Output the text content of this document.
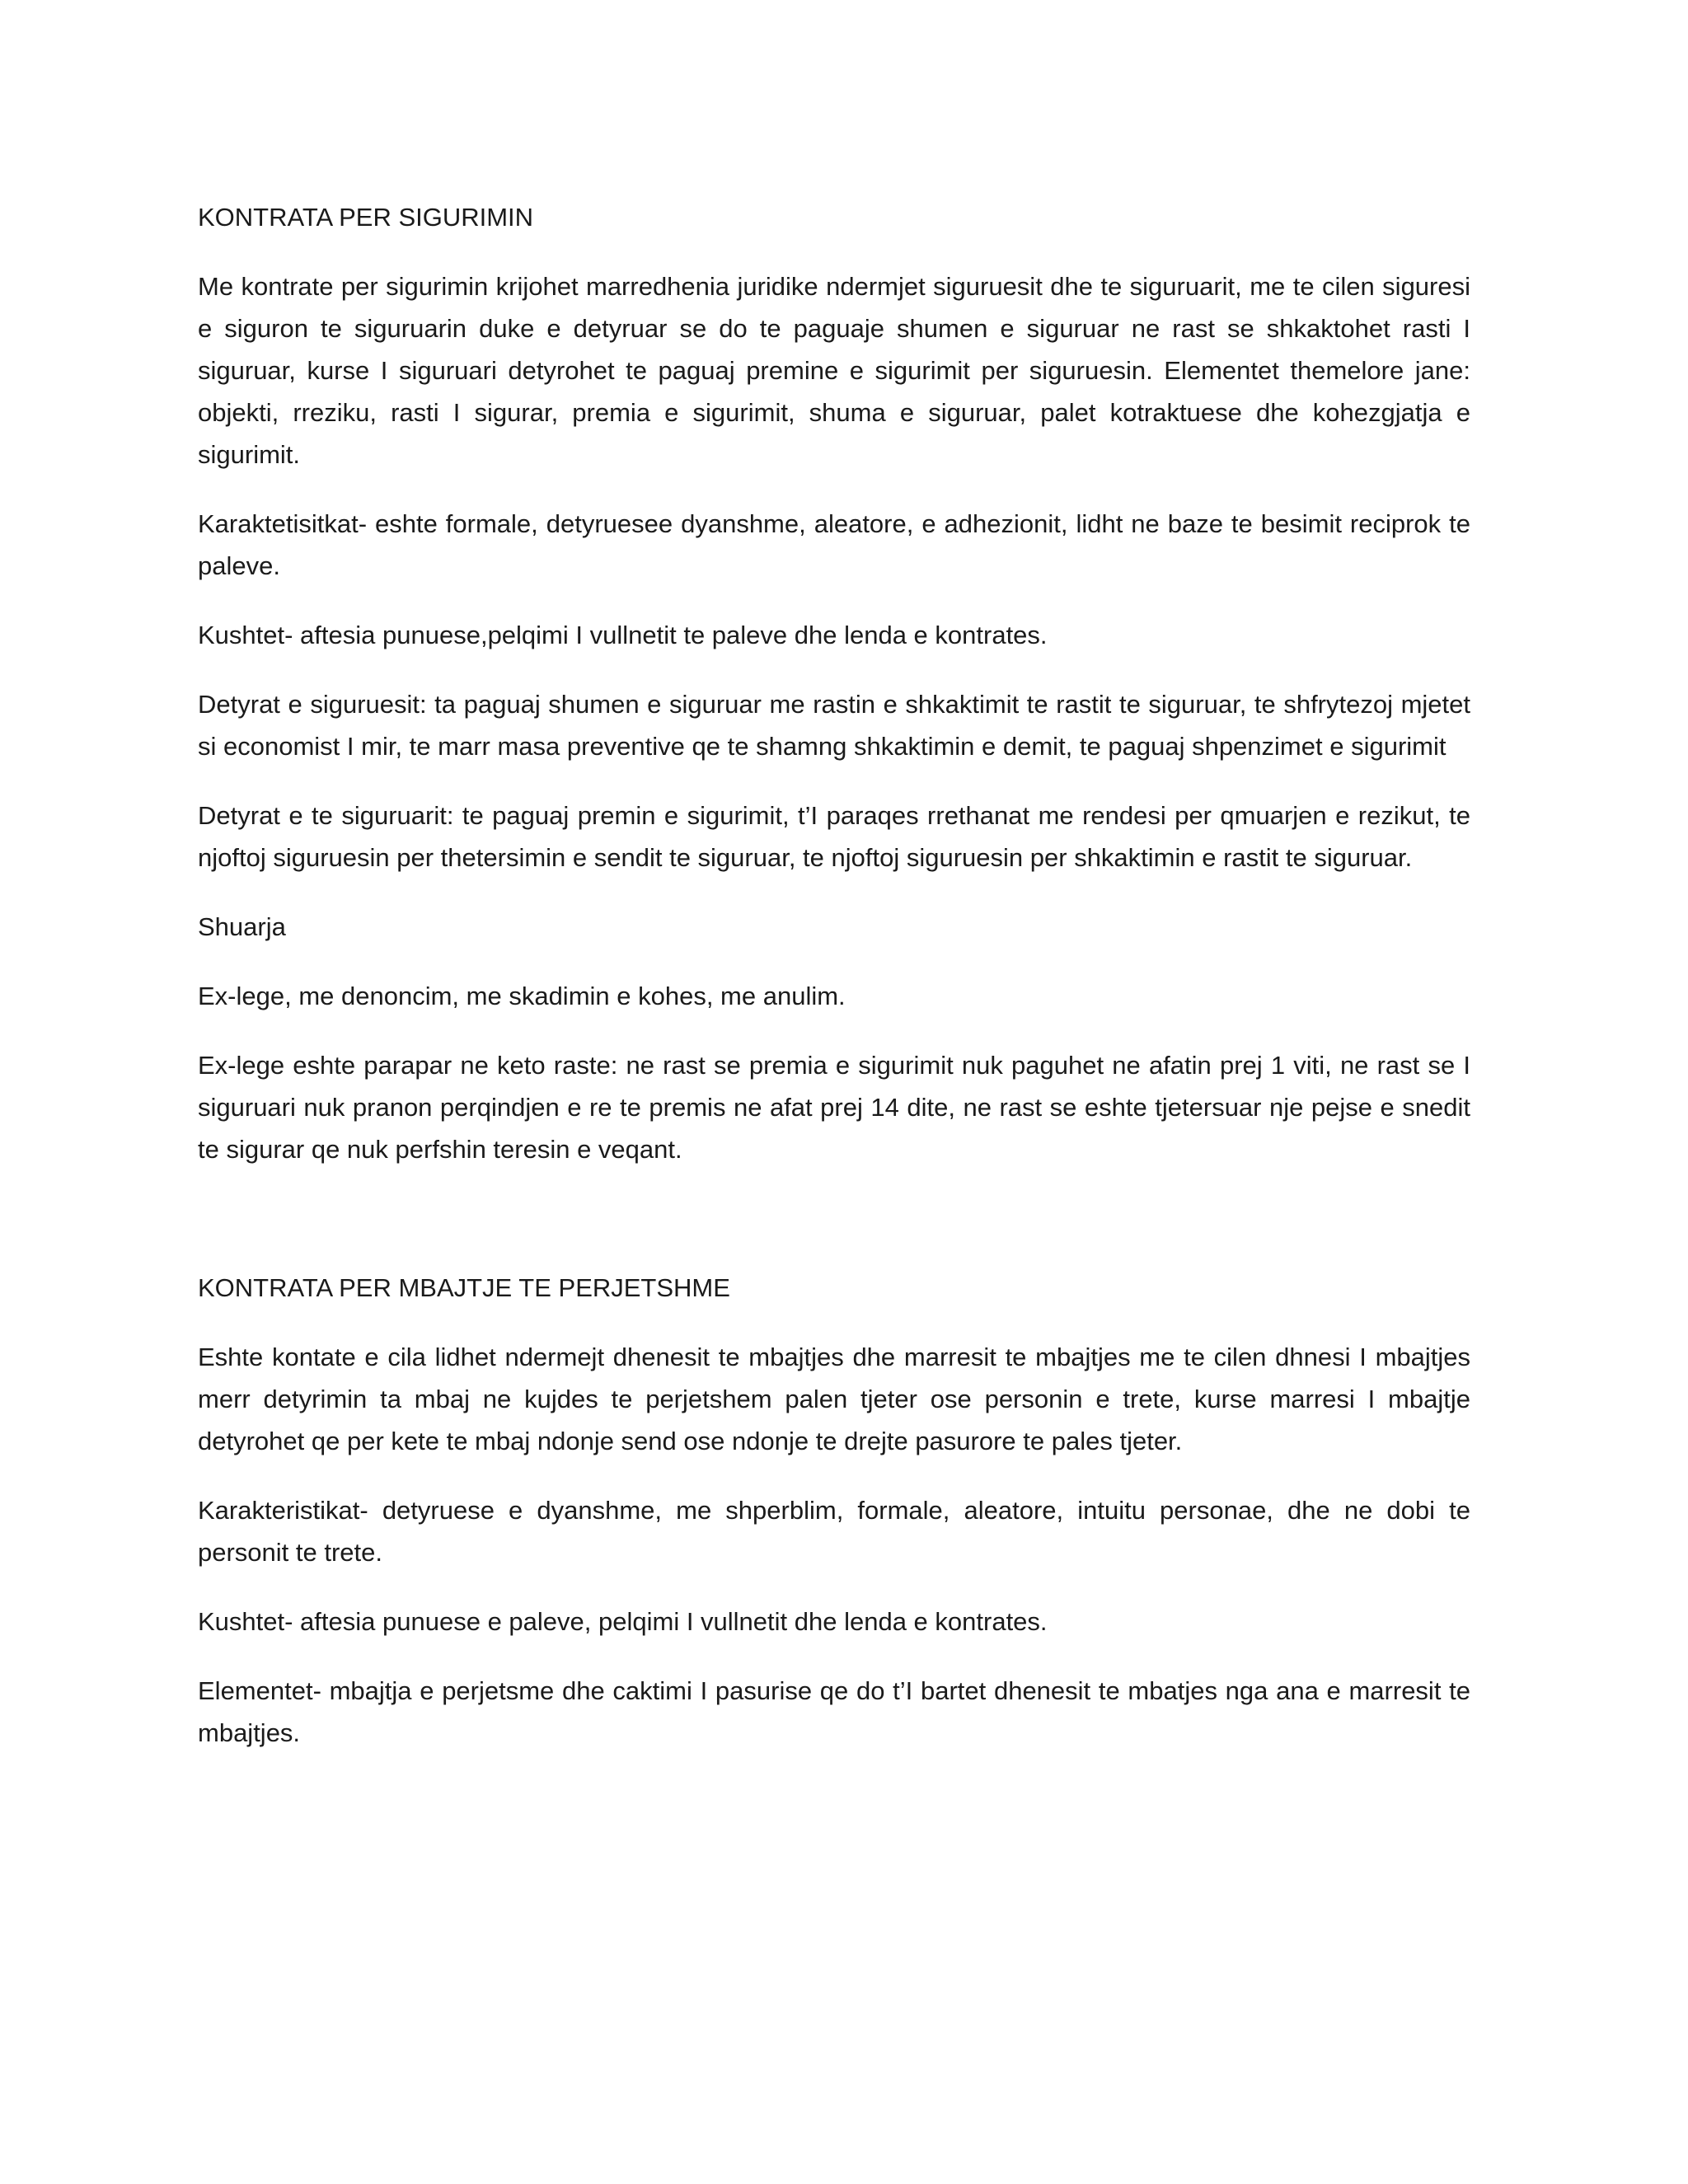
KONTRATA PER SIGURIMIN

Me kontrate per sigurimin krijohet marredhenia juridike ndermjet siguruesit dhe te siguruarit, me te cilen siguresi e siguron te siguruarin duke e detyruar se do te paguaje shumen e siguruar ne rast se shkaktohet rasti I siguruar, kurse I siguruari detyrohet te paguaj premine e sigurimit per siguruesin. Elementet themelore jane: objekti, rreziku, rasti I sigurar, premia e sigurimit, shuma e siguruar, palet kotraktuese dhe kohezgjatja e sigurimit.

Karaktetisitkat- eshte formale, detyruesee dyanshme, aleatore, e adhezionit, lidht ne baze te besimit reciprok te paleve.

Kushtet- aftesia punuese,pelqimi I vullnetit te paleve dhe lenda e kontrates.

Detyrat e siguruesit: ta paguaj shumen e siguruar me rastin e shkaktimit te rastit te siguruar, te shfrytezoj mjetet si economist I mir, te marr masa preventive qe te shamng shkaktimin e demit, te paguaj shpenzimet e sigurimit

Detyrat e te siguruarit: te paguaj premin e sigurimit, t’I paraqes rrethanat me rendesi per qmuarjen e rezikut, te njoftoj siguruesin per thetersimin e sendit te siguruar, te njoftoj siguruesin per shkaktimin e rastit te siguruar.

Shuarja

Ex-lege, me denoncim, me skadimin e kohes, me anulim.

Ex-lege eshte parapar ne keto raste: ne rast se premia e sigurimit nuk paguhet ne afatin prej 1 viti, ne rast se I siguruari nuk pranon perqindjen e re te premis ne afat prej 14 dite, ne rast se eshte tjetersuar nje pejse e snedit te sigurar qe nuk perfshin teresin e veqant.

KONTRATA PER MBAJTJE TE PERJETSHME

Eshte kontate e cila lidhet ndermejt dhenesit te mbajtjes dhe marresit te mbajtjes me te cilen dhnesi I mbajtjes merr detyrimin ta mbaj ne kujdes te perjetshem palen tjeter ose personin e trete, kurse marresi I mbajtje detyrohet qe per kete te mbaj ndonje send ose ndonje te drejte pasurore te pales tjeter.

Karakteristikat- detyruese e dyanshme, me shperblim, formale, aleatore, intuitu personae, dhe ne dobi te personit te trete.

Kushtet- aftesia punuese e paleve, pelqimi I vullnetit dhe lenda e kontrates.

Elementet- mbajtja e perjetsme dhe caktimi I pasurise qe do t’I bartet dhenesit te mbatjes nga ana e marresit te mbajtjes.
